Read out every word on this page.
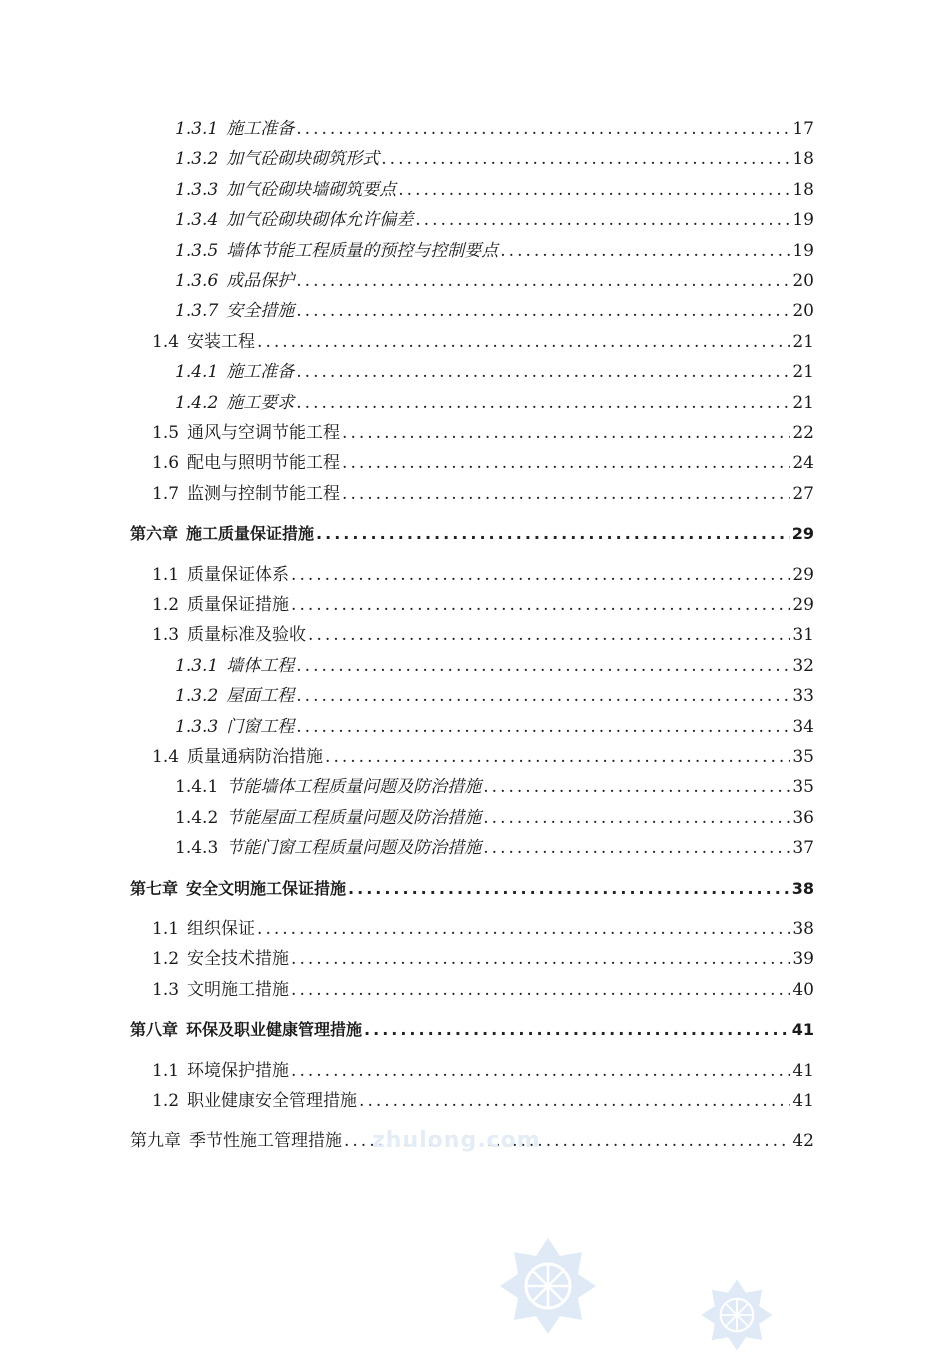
1.3.1 施工准备 .....	17
1.3.2 加气砼砌块砌筑形式 .....	18
1.3.3 加气砼砌块墙砌筑要点 .....	18
1.3.4 加气砼砌块砌体允许偏差 .....	19
1.3.5 墙体节能工程质量的预控与控制要点 .....	19
1.3.6 成品保护 .....	20
1.3.7 安全措施 .....	20
1.4 安装工程 .....	21
1.4.1 施工准备 .....	21
1.4.2 施工要求 .....	21
1.5 通风与空调节能工程 .....	22
1.6 配电与照明节能工程 .....	24
1.7 监测与控制节能工程 .....	27
第六章 施工质量保证措施 .....	29
1.1 质量保证体系 .....	29
1.2 质量保证措施 .....	29
1.3 质量标准及验收 .....	31
1.3.1 墙体工程 .....	32
1.3.2 屋面工程 .....	33
1.3.3 门窗工程 .....	34
1.4 质量通病防治措施 .....	35
1.4.1 节能墙体工程质量问题及防治措施 .....	35
1.4.2 节能屋面工程质量问题及防治措施 .....	36
1.4.3 节能门窗工程质量问题及防治措施 .....	37
第七章 安全文明施工保证措施 .....	38
1.1 组织保证 .....	38
1.2 安全技术措施 .....	39
1.3 文明施工措施 .....	40
第八章 环保及职业健康管理措施 .....	41
1.1 环境保护措施 .....	41
1.2 职业健康安全管理措施 .....	41
第九章 季节性施工管理措施 .....	42
zhulong.com
